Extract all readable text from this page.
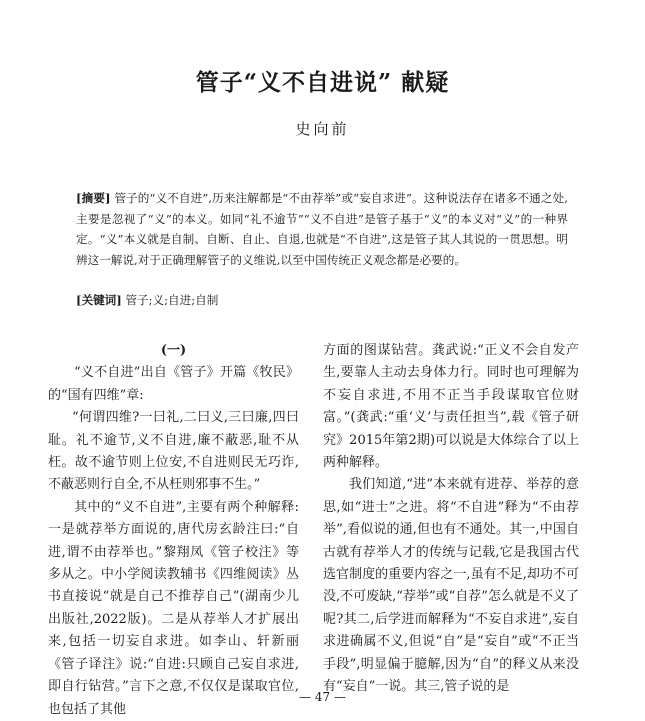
管子“义不自进说” 献疑
史向前
[摘要] 管子的“义不自进”,历来注解都是“不由荐举”或“妄自求进”。这种说法存在诸多不通之处,主要是忽视了“义”的本义。如同“礼不逾节”“义不自进”是管子基于“义”的本义对“义”的一种界定。“义”本义就是自制、自断、自止、自退,也就是“不自进”,这是管子其人其说的一贯思想。明辨这一解说,对于正确理解管子的义维说,以至中国传统正义观念都是必要的。
[关键词] 管子;义;自进;自制

(一)

“义不自进”出自《管子》开篇《牧民》的“国有四维”章:

“何谓四维?一曰礼,二曰义,三曰廉,四曰耻。礼不逾节,义不自进,廉不蔽恶,耻不从枉。故不逾节则上位安,不自进则民无巧诈,不蔽恶则行自全,不从枉则邪事不生。”

其中的“义不自进”,主要有两个种解释:一是就荐举方面说的,唐代房玄龄注曰:“自进,谓不由荐举也。”黎翔凤《管子校注》等多从之。中小学阅读教辅书《四维阅读》丛书直接说“就是自己不推荐自己”(湖南少儿出版社,2022版)。二是从荐举人才扩展出来,包括一切妄自求进。如李山、轩新丽《管子译注》说:“自进:只顾自己妄自求进,即自行钻营。”言下之意,不仅仅是谋取官位,也包括了其他

方面的图谋钻营。龚武说:“正义不会自发产生,要靠人主动去身体力行。同时也可理解为不妄自求进,不用不正当手段谋取官位财富。”(龚武:“重‘义’与责任担当”,载《管子研究》2015年第2期)可以说是大体综合了以上两种解释。

我们知道,“进”本来就有进荐、举荐的意思,如“进士”之进。将“不自进”释为“不由荐举”,看似说的通,但也有不通处。其一,中国自古就有荐举人才的传统与记载,它是我国古代选官制度的重要内容之一,虽有不足,却功不可没,不可废缺,“荐举”或“自荐”怎么就是不义了呢?其二,后学进而解释为“不妄自求进”,妄自求进确属不义,但说“自”是“妄自”或“不正当手段”,明显偏于臆解,因为“自”的释义从来没有“妄自”一说。其三,管子说的是

— 47 —
